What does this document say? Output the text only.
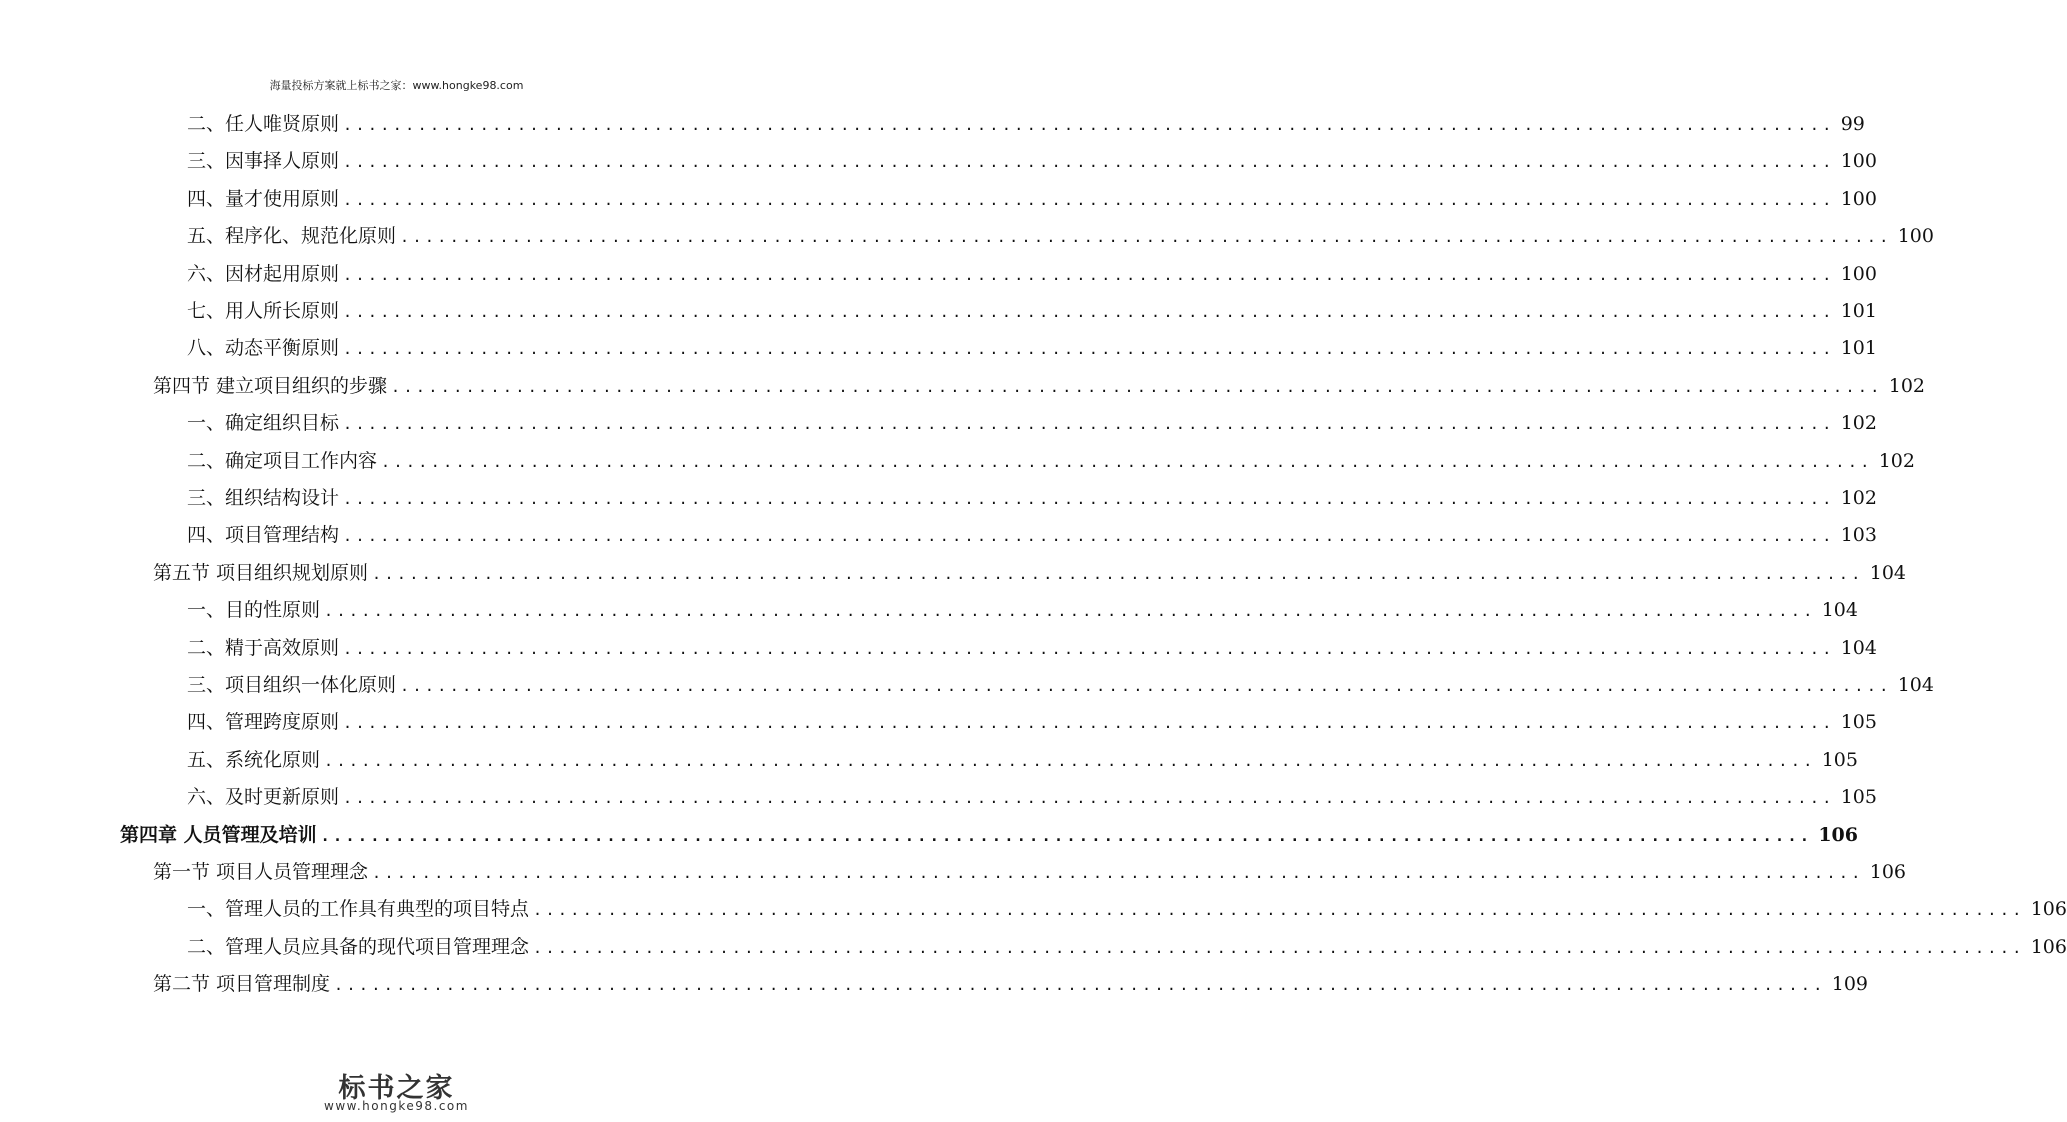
海量投标方案就上标书之家：www.hongke98.com
二、任人唯贤原则 ........................................................................................................................ 99
三、因事择人原则 ........................................................................................................................ 100
四、量才使用原则 ........................................................................................................................ 100
五、程序化、规范化原则 ........................................................................................................................ 100
六、因材起用原则 ........................................................................................................................ 100
七、用人所长原则 ........................................................................................................................ 101
八、动态平衡原则 ........................................................................................................................ 101
第四节 建立项目组织的步骤 ........................................................................................................................ 102
一、确定组织目标 ........................................................................................................................ 102
二、确定项目工作内容 ........................................................................................................................ 102
三、组织结构设计 ........................................................................................................................ 102
四、项目管理结构 ........................................................................................................................ 103
第五节 项目组织规划原则 ........................................................................................................................ 104
一、目的性原则 ........................................................................................................................ 104
二、精于高效原则 ........................................................................................................................ 104
三、项目组织一体化原则 ........................................................................................................................ 104
四、管理跨度原则 ........................................................................................................................ 105
五、系统化原则 ........................................................................................................................ 105
六、及时更新原则 ........................................................................................................................ 105
第四章 人员管理及培训 ........................................................................................................................ 106
第一节 项目人员管理理念 ........................................................................................................................ 106
一、管理人员的工作具有典型的项目特点 ........................................................................................................................ 106
二、管理人员应具备的现代项目管理理念 ........................................................................................................................ 106
第二节 项目管理制度 ........................................................................................................................ 109
标书之家
www.hongke98.com
